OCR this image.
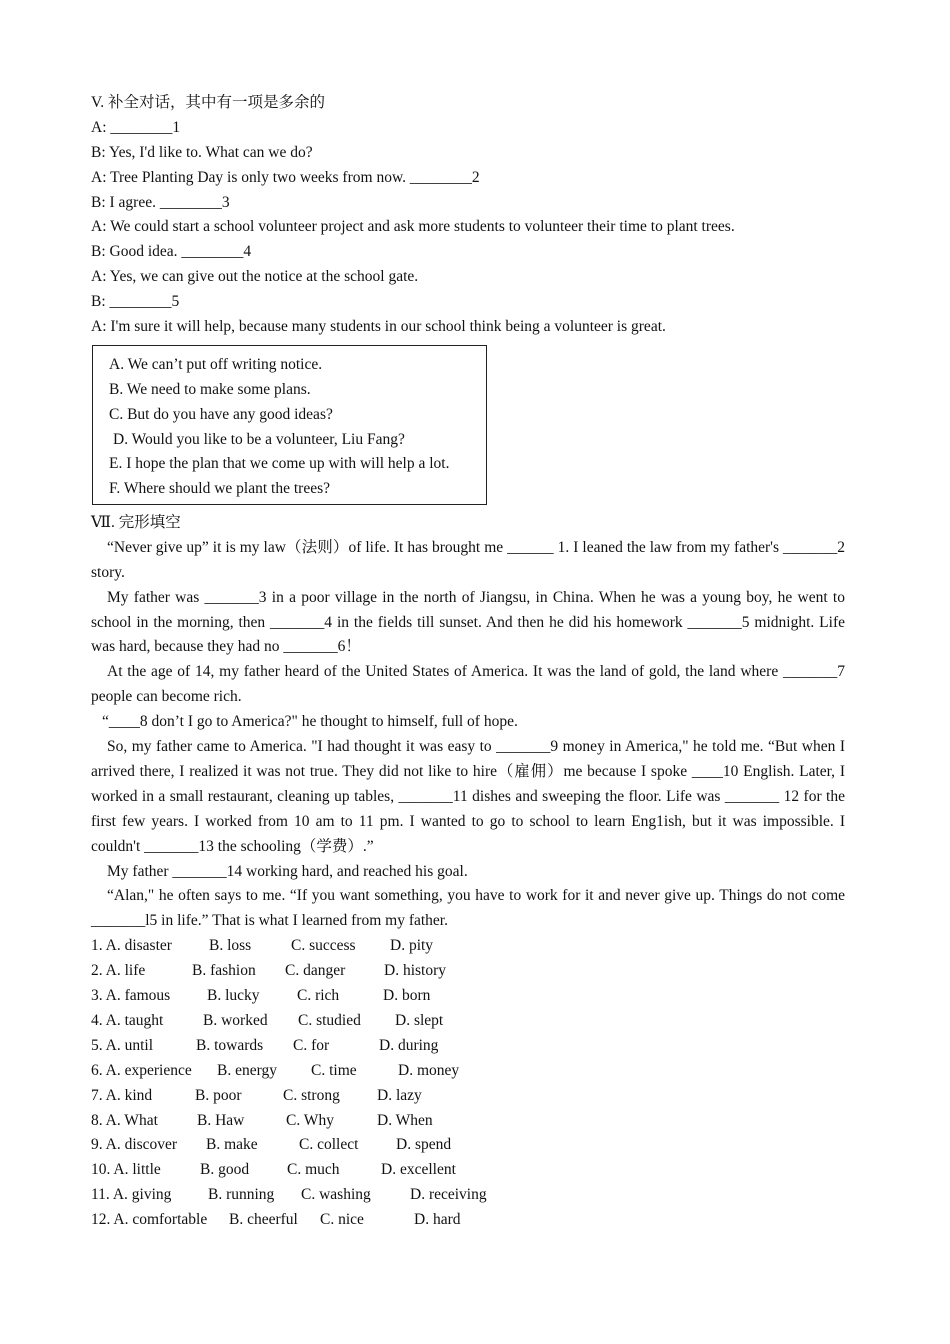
V. 补全对话，其中有一项是多余的
A: ________1
B: Yes, I'd like to. What can we do?
A: Tree Planting Day is only two weeks from now. ________2
B: I agree. ________3
A: We could start a school volunteer project and ask more students to volunteer their time to plant trees.
B: Good idea. ________4
A: Yes, we can give out the notice at the school gate.
B: ________5
A: I'm sure it will help, because many students in our school think being a volunteer is great.
A. We can’t put off writing notice.
B. We need to make some plans.
C. But do you have any good ideas?
D. Would you like to be a volunteer, Liu Fang?
E. I hope the plan that we come up with will help a lot.
F. Where should we plant the trees?
Ⅶ. 完形填空

“Never give up” it is my law（法则）of life. It has brought me ______ 1. I leaned the law from my father's _______2 story.

My father was _______3 in a poor village in the north of Jiangsu, in China. When he was a young boy, he went to school in the morning, then _______4 in the fields till sunset. And then he did his homework _______5 midnight. Life was hard, because they had no _______6！

At the age of 14, my father heard of the United States of America. It was the land of gold, the land where _______7 people can become rich.

“____8 don’t I go to America?" he thought to himself, full of hope.

So, my father came to America. "I had thought it was easy to _______9 money in America," he told me. “But when I arrived there, I realized it was not true. They did not like to hire（雇佣）me because I spoke ____10 English. Later, I worked in a small restaurant, cleaning up tables, _______11 dishes and sweeping the floor. Life was _______ 12 for the first few years. I worked from 10 am to 11 pm. I wanted to go to school to learn Eng1ish, but it was impossible. I couldn't _______13 the schooling（学费）.”

My father _______14 working hard, and reached his goal.

“Alan," he often says to me. “If you want something, you have to work for it and never give up. Things do not come _______l5 in life.” That is what I learned from my father.

1. A. disaster B. loss	C. success D. pity
2. A. life	B. fashion C. danger D. history
3. A. famous B. lucky C. rich	D. born
4. A. taught	B. worked C. studied D. slept
5. A. until	B. towards C. for	D. during
6. A. experience B. energy C. time	D. money
7. A. kind	B. poor	C. strong D. lazy
8. A. What	B. Haw	C. Why	D. When
9. A. discover B. make	C. collect D. spend
10. A. little	B. good C. much	D. excellent
11. A. giving B. running C. washing	D. receiving
12. A. comfortable B. cheerful C. nice	D. hard
